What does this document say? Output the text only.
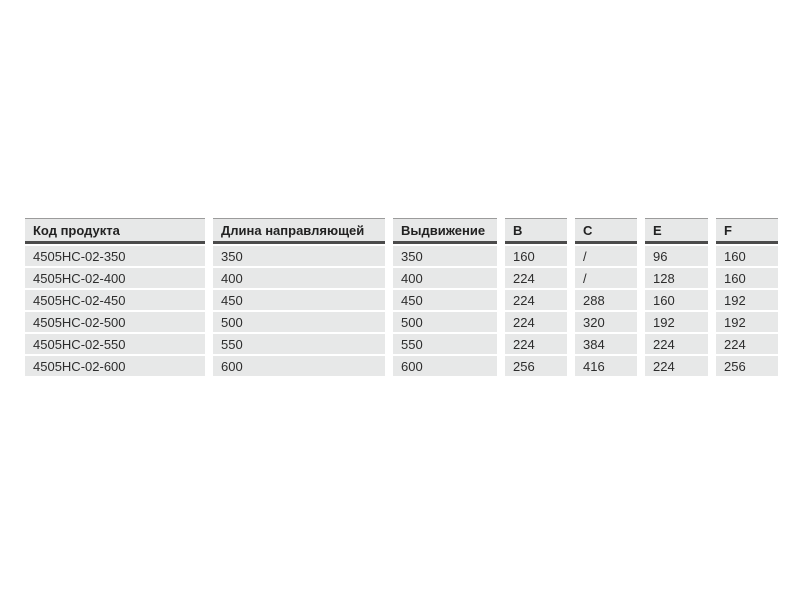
Код продукта	Длина направляющей	Выдвижение	B	C	E	F
4505HC-02-350	350	350	160	/	96	160
4505HC-02-400	400	400	224	/	128	160
4505HC-02-450	450	450	224	288	160	192
4505HC-02-500	500	500	224	320	192	192
4505HC-02-550	550	550	224	384	224	224
4505HC-02-600	600	600	256	416	224	256
